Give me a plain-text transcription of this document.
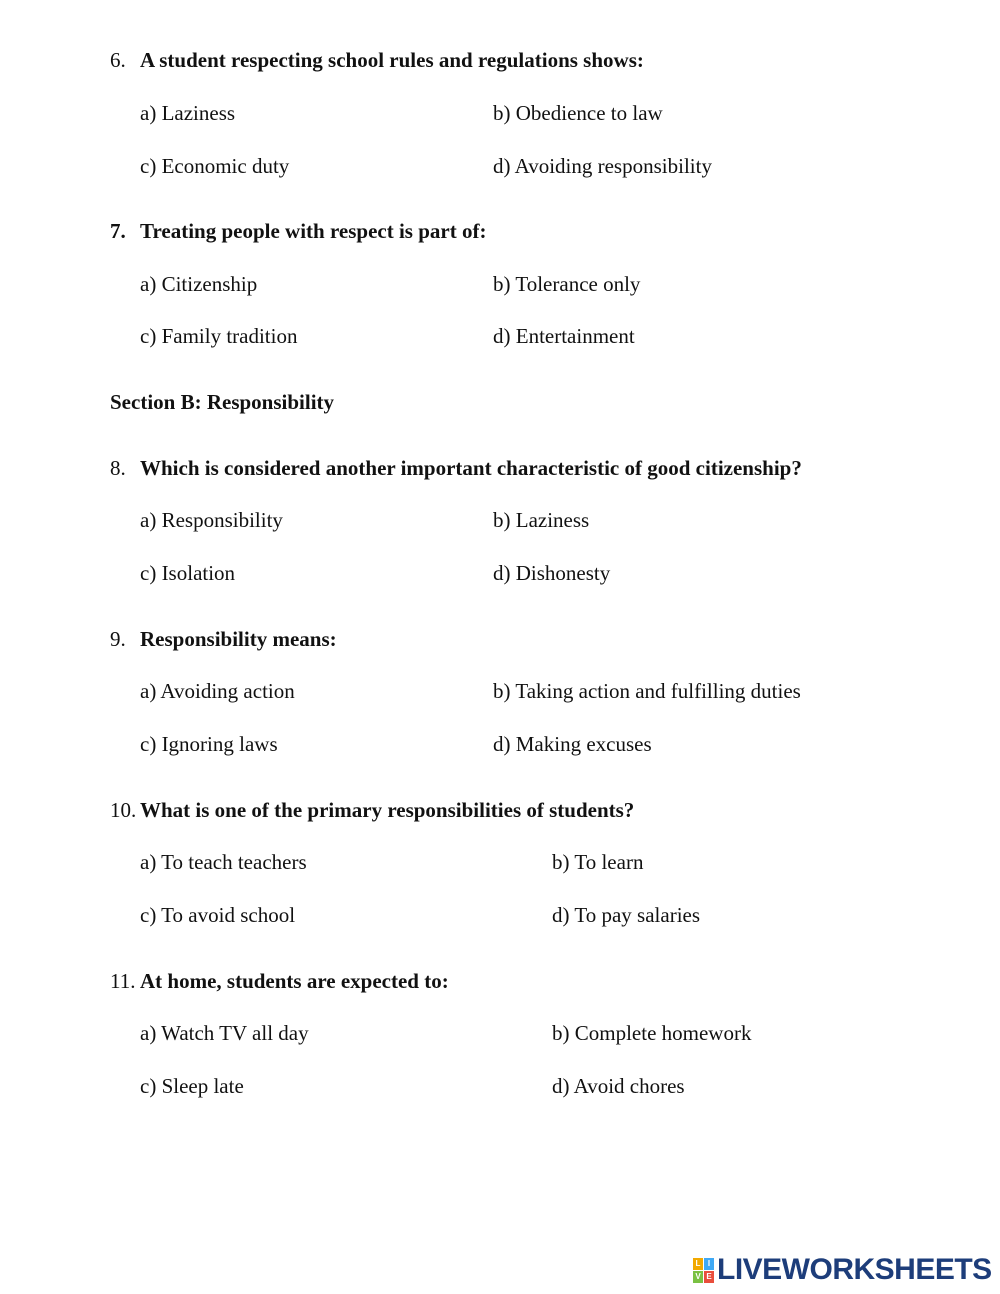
6. A student respecting school rules and regulations shows:
a) Laziness	b) Obedience to law
c) Economic duty	d) Avoiding responsibility
7. Treating people with respect is part of:
a) Citizenship	b) Tolerance only
c) Family tradition	d) Entertainment
Section B: Responsibility
8. Which is considered another important characteristic of good citizenship?
a) Responsibility	b) Laziness
c) Isolation	d) Dishonesty
9. Responsibility means:
a) Avoiding action	b) Taking action and fulfilling duties
c) Ignoring laws	d) Making excuses
10. What is one of the primary responsibilities of students?
a) To teach teachers	b) To learn
c) To avoid school	d) To pay salaries
11. At home, students are expected to:
a) Watch TV all day	b) Complete homework
c) Sleep late	d) Avoid chores
L I
V E LIVEWORKSHEETS
